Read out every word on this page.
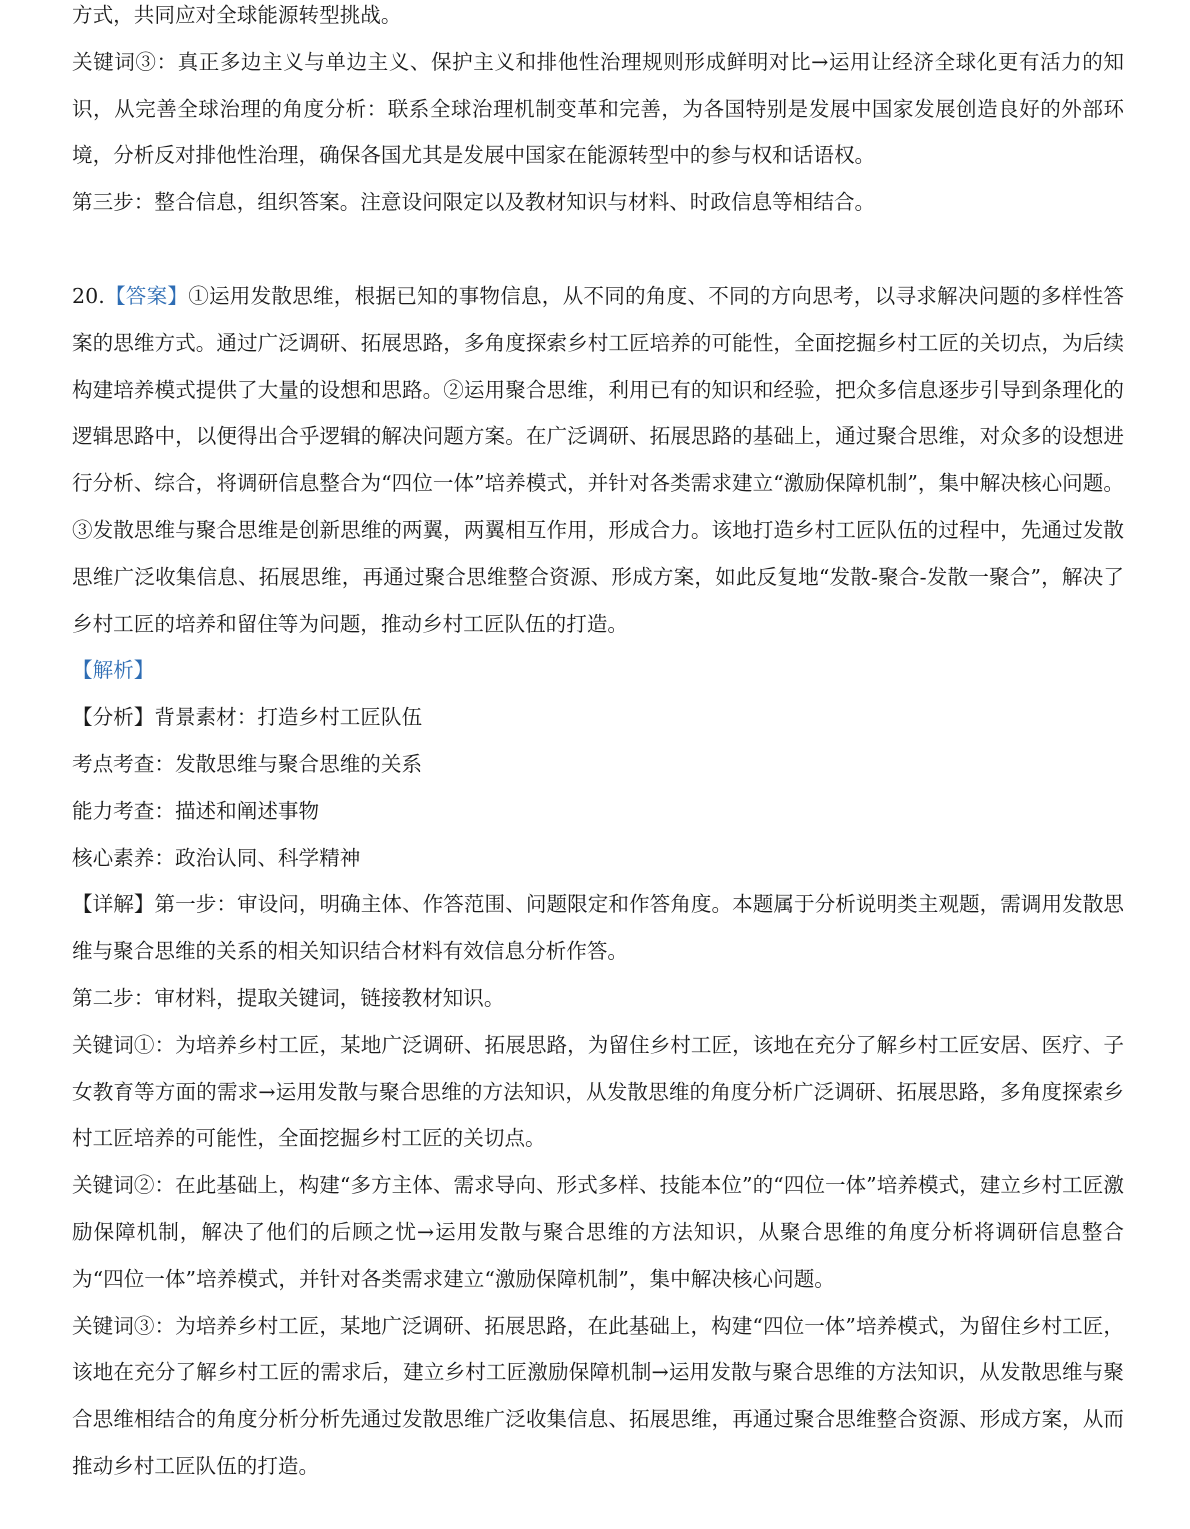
方式，共同应对全球能源转型挑战。

关键词③：真正多边主义与单边主义、保护主义和排他性治理规则形成鲜明对比→运用让经济全球化更有活力的知识，从完善全球治理的角度分析：联系全球治理机制变革和完善，为各国特别是发展中国家发展创造良好的外部环境，分析反对排他性治理，确保各国尤其是发展中国家在能源转型中的参与权和话语权。

第三步：整合信息，组织答案。注意设问限定以及教材知识与材料、时政信息等相结合。

20.【答案】①运用发散思维，根据已知的事物信息，从不同的角度、不同的方向思考，以寻求解决问题的多样性答案的思维方式。通过广泛调研、拓展思路，多角度探索乡村工匠培养的可能性，全面挖掘乡村工匠的关切点，为后续构建培养模式提供了大量的设想和思路。②运用聚合思维，利用已有的知识和经验，把众多信息逐步引导到条理化的逻辑思路中，以便得出合乎逻辑的解决问题方案。在广泛调研、拓展思路的基础上，通过聚合思维，对众多的设想进行分析、综合，将调研信息整合为“四位一体”培养模式，并针对各类需求建立“激励保障机制”，集中解决核心问题。③发散思维与聚合思维是创新思维的两翼，两翼相互作用，形成合力。该地打造乡村工匠队伍的过程中，先通过发散思维广泛收集信息、拓展思维，再通过聚合思维整合资源、形成方案，如此反复地“发散-聚合-发散一聚合”，解决了乡村工匠的培养和留住等为问题，推动乡村工匠队伍的打造。

【解析】

【分析】背景素材：打造乡村工匠队伍

考点考查：发散思维与聚合思维的关系

能力考查：描述和阐述事物

核心素养：政治认同、科学精神

【详解】第一步：审设问，明确主体、作答范围、问题限定和作答角度。本题属于分析说明类主观题，需调用发散思维与聚合思维的关系的相关知识结合材料有效信息分析作答。

第二步：审材料，提取关键词，链接教材知识。

关键词①：为培养乡村工匠，某地广泛调研、拓展思路，为留住乡村工匠，该地在充分了解乡村工匠安居、医疗、子女教育等方面的需求→运用发散与聚合思维的方法知识，从发散思维的角度分析广泛调研、拓展思路，多角度探索乡村工匠培养的可能性，全面挖掘乡村工匠的关切点。

关键词②：在此基础上，构建“多方主体、需求导向、形式多样、技能本位”的“四位一体”培养模式，建立乡村工匠激励保障机制，解决了他们的后顾之忧→运用发散与聚合思维的方法知识，从聚合思维的角度分析将调研信息整合为“四位一体”培养模式，并针对各类需求建立“激励保障机制”，集中解决核心问题。

关键词③：为培养乡村工匠，某地广泛调研、拓展思路，在此基础上，构建“四位一体”培养模式，为留住乡村工匠，该地在充分了解乡村工匠的需求后，建立乡村工匠激励保障机制→运用发散与聚合思维的方法知识，从发散思维与聚合思维相结合的角度分析分析先通过发散思维广泛收集信息、拓展思维，再通过聚合思维整合资源、形成方案，从而推动乡村工匠队伍的打造。
